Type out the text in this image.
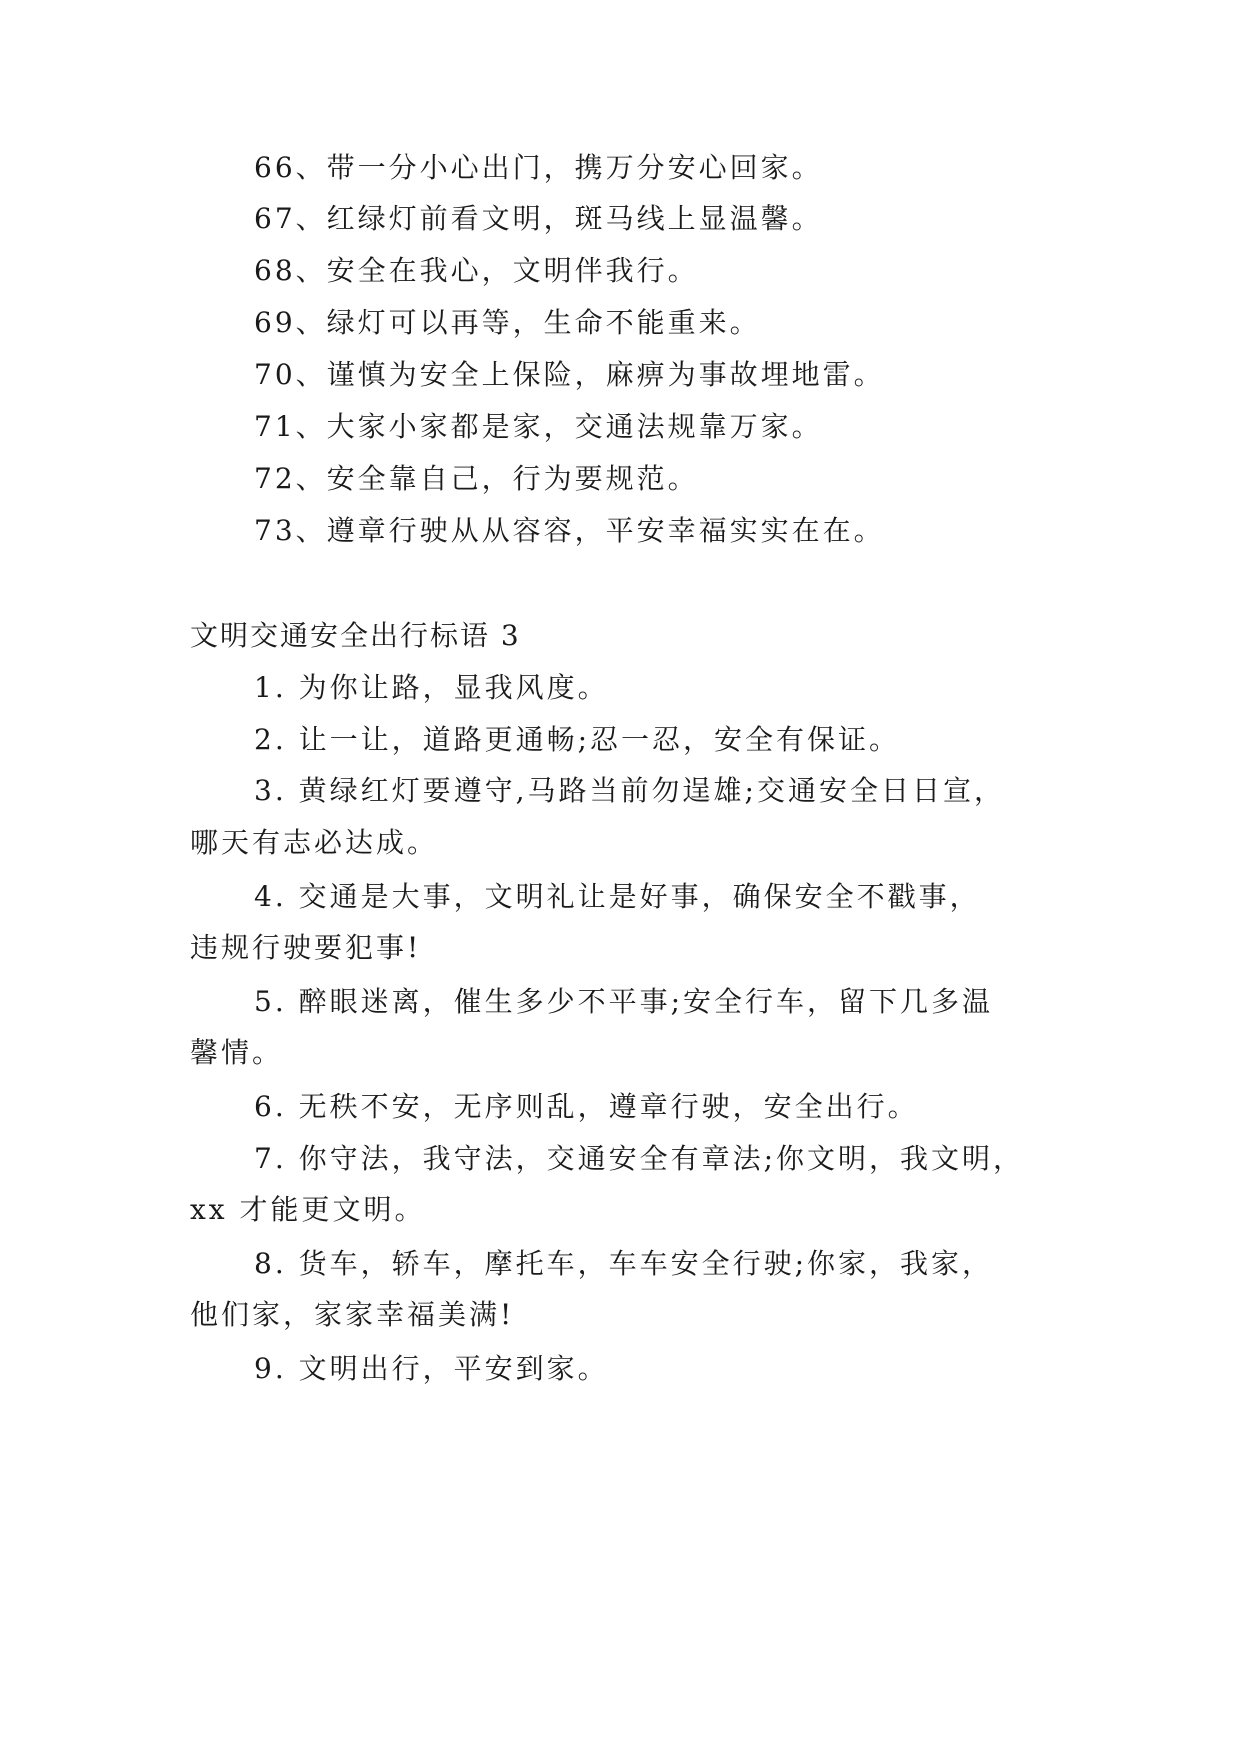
66、带一分小心出门，携万分安心回家。
67、红绿灯前看文明，斑马线上显温馨。
68、安全在我心，文明伴我行。
69、绿灯可以再等，生命不能重来。
70、谨慎为安全上保险，麻痹为事故埋地雷。
71、大家小家都是家，交通法规靠万家。
72、安全靠自己，行为要规范。
73、遵章行驶从从容容，平安幸福实实在在。
文明交通安全出行标语 3
1. 为你让路，显我风度。
2. 让一让，道路更通畅;忍一忍，安全有保证。
3. 黄绿红灯要遵守,马路当前勿逞雄;交通安全日日宣，
哪天有志必达成。
4. 交通是大事，文明礼让是好事，确保安全不戳事，
违规行驶要犯事!
5. 醉眼迷离，催生多少不平事;安全行车，留下几多温
馨情。
6. 无秩不安，无序则乱，遵章行驶，安全出行。
7. 你守法，我守法，交通安全有章法;你文明，我文明，
xx 才能更文明。
8. 货车，轿车，摩托车，车车安全行驶;你家，我家，
他们家，家家幸福美满!
9. 文明出行，平安到家。
